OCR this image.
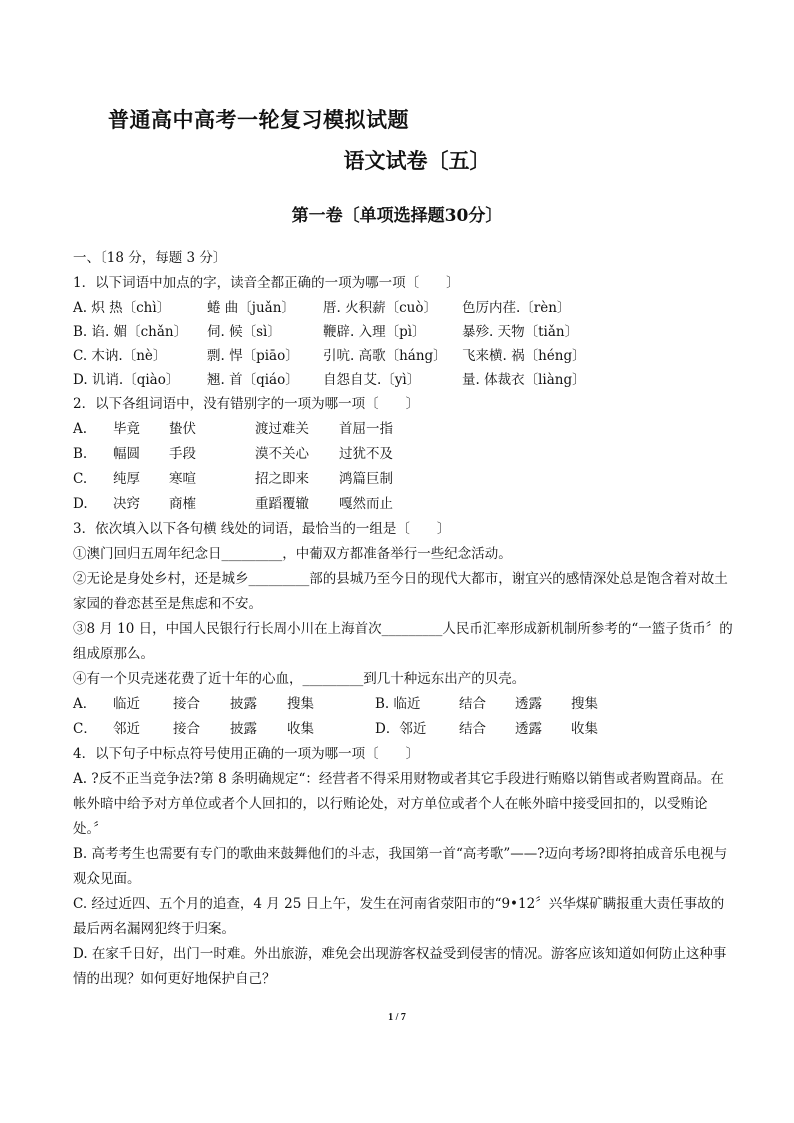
普通高中高考一轮复习模拟试题
语文试卷〔五〕
第一卷〔单项选择题30分〕
一、〔18 分，每题 3 分〕
1．以下词语中加点的字，读音全都正确的一项为哪一项〔　　〕
A. 炽 热〔chì〕	蜷 曲〔juǎn〕	厝. 火积薪〔cuò〕	色厉内荏.〔rèn〕
B. 谄. 媚〔chǎn〕	伺. 候〔sì〕	鞭辟. 入理〔pì〕	暴殄. 天物〔tiǎn〕
C. 木讷.〔nè〕	剽. 悍〔piāo〕	引吭. 高歌〔háng〕	飞来横. 祸〔héng〕
D. 讥诮.〔qiào〕	翘. 首〔qiáo〕	自怨自艾.〔yì〕	量. 体裁衣〔liàng〕
2．以下各组词语中，没有错别字的一项为哪一项〔　　〕
A.	毕竟	蛰伏	渡过难关	首屈一指
B.	幅圆	手段	漠不关心	过犹不及
C.	纯厚	寒喧	招之即来	鸿篇巨制
D.	决窍	商榷	重蹈覆辙	嘎然而止
3．依次填入以下各句横 线处的词语，最恰当的一组是〔　　〕
①澳门回归五周年纪念日_________，中葡双方都准备举行一些纪念活动。
②无论是身处乡村，还是城乡_________部的县城乃至今日的现代大都市，谢宜兴的感情深处总是饱含着对故土家园的眷恋甚至是焦虑和不安。
③8 月 10 日，中国人民银行行长周小川在上海首次_________人民币汇率形成新机制所参考的“一篮子货币〞的组成原那么。
④有一个贝壳迷花费了近十年的心血，_________到几十种远东出产的贝壳。
A．	临近	接合	披露	搜集	B. 临近	结合	透露	搜集
C．	邻近	接合	披露	收集	D．邻近	结合	透露	收集
4．以下句子中标点符号使用正确的一项为哪一项〔　　〕
A. ?反不正当竞争法?第 8 条明确规定“：经营者不得采用财物或者其它手段进行贿赂以销售或者购置商品。在帐外暗中给予对方单位或者个人回扣的，以行贿论处，对方单位或者个人在帐外暗中接受回扣的，以受贿论处。〞
B. 高考考生也需要有专门的歌曲来鼓舞他们的斗志，我国第一首“高考歌”——?迈向考场?即将拍成音乐电视与观众见面。
C. 经过近四、五个月的追查，4 月 25 日上午，发生在河南省荥阳市的“9•12〞兴华煤矿瞒报重大责任事故的最后两名漏网犯终于归案。
D. 在家千日好，出门一时难。外出旅游，难免会出现游客权益受到侵害的情况。游客应该知道如何防止这种事情的出现？如何更好地保护自己？
1 / 7
